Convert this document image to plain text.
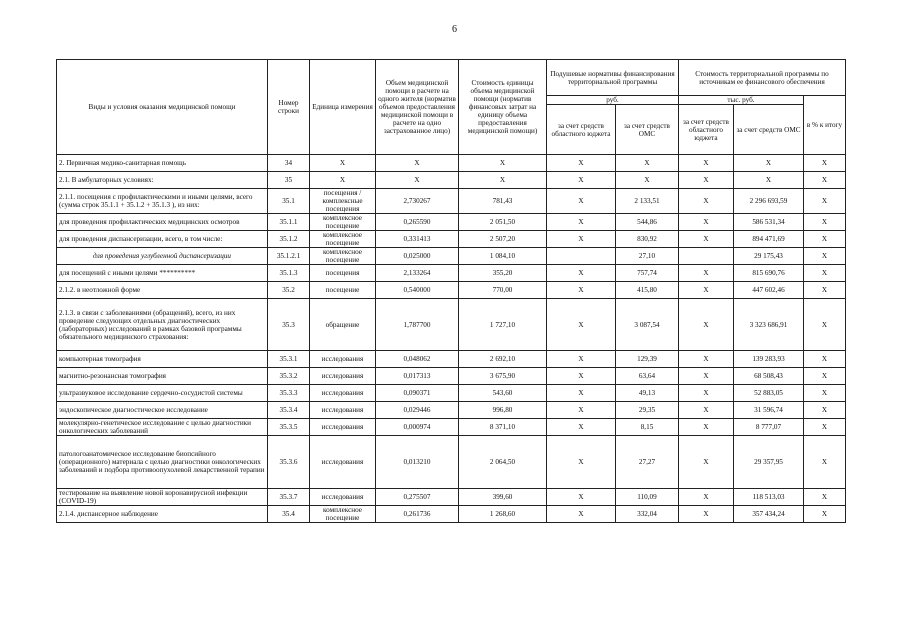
6
Виды и условия оказания медицинской помощи	Номер строки	Единица измерения	Объем медицинской помощи в расчете на одного жителя (норматив объемов предоставления медицинской помощи в расчете на одно застрахованное лицо)	Стоимость единицы объема медицинской помощи (норматив финансовых затрат на единицу объема предоставления медицинской помощи)	Подушевые нормативы финансирования территориальной программы		Стоимость территориальной программы по источникам ее финансового обеспечения		
					руб.		тыс. руб.		в % к итогу
					за счет средств областного юджета	за счет средств ОМС	за счет средств областного юджета	за счет средств ОМС	
2. Первичная медико-санитарная помощь	34	X	X	X	X	X	X	X	X
2.1. В амбулаторных условиях:	35	X	X	X	X	X	X	X	X
2.1.1. посещения с профилактическими и иными целями, всего (сумма строк 35.1.1 + 35.1.2 + 35.1.3 ), из них:	35.1	посещения / комплексные посещения	2,730267	781,43	X	2 133,51	X	2 296 693,59	X
для проведения профилактических медицинских осмотров	35.1.1	комплексное посещение	0,265590	2 051,50	X	544,86	X	586 531,34	X
для проведения диспансеризации, всего, в том числе:	35.1.2	комплексное посещение	0,331413	2 507,20	X	830,92	X	894 471,69	X
для проведения углубленной диспансеризации	35.1.2.1	комплексное посещение	0,025000	1 084,10		27,10		29 175,43	X
для посещений с иными целями **********	35.1.3	посещения	2,133264	355,20	X	757,74	X	815 690,76	X
2.1.2. в неотложной форме	35.2	посещение	0,540000	770,00	X	415,80	X	447 602,46	X
2.1.3. в связи с заболеваниями (обращений), всего, из них проведение следующих отдельных диагностических (лабораторных) исследований в рамках базовой программы обязательного медицинского страхования:	35.3	обращение	1,787700	1 727,10	X	3 087,54	X	3 323 686,91	X
компьютерная томография	35.3.1	исследования	0,048062	2 692,10	X	129,39	X	139 283,93	X
магнитно-резонансная томография	35.3.2	исследования	0,017313	3 675,90	X	63,64	X	68 508,43	X
ультразвуковое исследование сердечно-сосудистой системы	35.3.3	исследования	0,090371	543,60	X	49,13	X	52 883,05	X
эндоскопическое диагностическое исследование	35.3.4	исследования	0,029446	996,80	X	29,35	X	31 596,74	X
молекулярно-генетическое исследование с целью диагностики онкологических заболеваний	35.3.5	исследования	0,000974	8 371,10	X	8,15	X	8 777,07	X
патологоанатомическое исследование биопсийного (операционного) материала с целью диагностики онкологических заболеваний и подбора противоопухолевой лекарственной терапии	35.3.6	исследования	0,013210	2 064,50	X	27,27	X	29 357,95	X
тестирование на выявление новой коронавирусной инфекции (COVID-19)	35.3.7	исследования	0,275507	399,60	X	110,09	X	118 513,03	X
2.1.4. диспансерное наблюдение	35.4	комплексное посещение	0,261736	1 268,60	X	332,04	X	357 434,24	X
